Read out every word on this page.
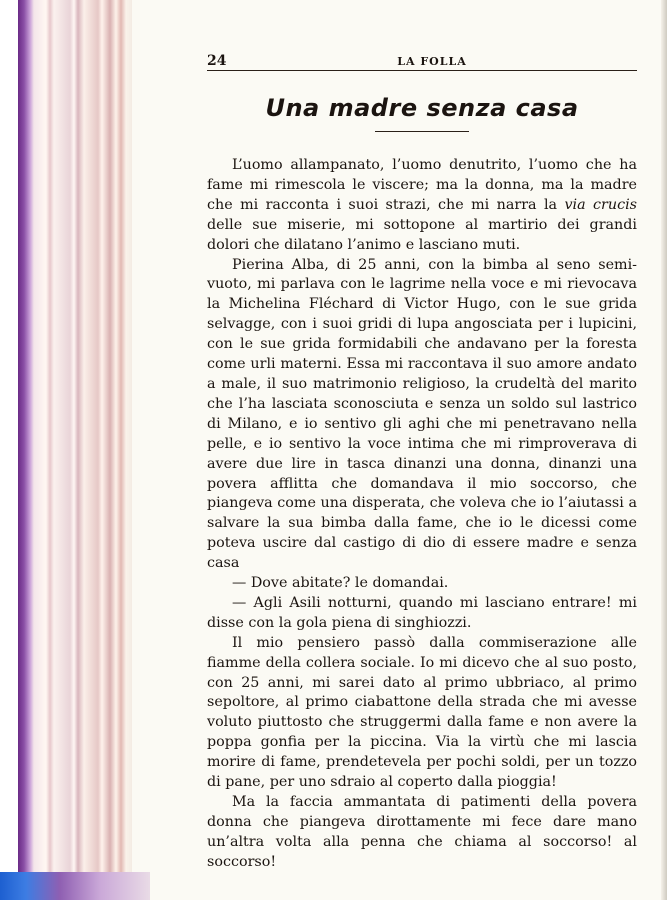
24	LA FOLLA
Una madre senza casa

L’uomo allampanato, l’uomo denutrito, l’uomo che ha fame mi rimescola le viscere; ma la donna, ma la madre che mi racconta i suoi strazi, che mi narra la via crucis delle sue miserie, mi sottopone al martirio dei grandi dolori che dilatano l’animo e lasciano muti.

Pierina Alba, di 25 anni, con la bimba al seno semi-vuoto, mi parlava con le lagrime nella voce e mi rievocava la Michelina Fléchard di Victor Hugo, con le sue grida selvagge, con i suoi gridi di lupa angosciata per i lupicini, con le sue grida formidabili che andavano per la foresta come urli materni. Essa mi raccontava il suo amore andato a male, il suo matrimonio religioso, la crudeltà del marito che l’ha lasciata sconosciuta e senza un soldo sul lastrico di Milano, e io sentivo gli aghi che mi penetravano nella pelle, e io sentivo la voce intima che mi rimproverava di avere due lire in tasca dinanzi una donna, dinanzi una povera afflitta che domandava il mio soccorso, che piangeva come una disperata, che voleva che io l’aiutassi a salvare la sua bimba dalla fame, che io le dicessi come poteva uscire dal castigo di dio di essere madre e senza casa

— Dove abitate? le domandai.

— Agli Asili notturni, quando mi lasciano entrare! mi disse con la gola piena di singhiozzi.

Il mio pensiero passò dalla commiserazione alle fiamme della collera sociale. Io mi dicevo che al suo posto, con 25 anni, mi sarei dato al primo ubbriaco, al primo sepoltore, al primo ciabattone della strada che mi avesse voluto piuttosto che struggermi dalla fame e non avere la poppa gonfia per la piccina. Via la virtù che mi lascia morire di fame, prendetevela per pochi soldi, per un tozzo di pane, per uno sdraio al coperto dalla pioggia!

Ma la faccia ammantata di patimenti della povera donna che piangeva dirottamente mi fece dare mano un’altra volta alla penna che chiama al soccorso! al soccorso!
